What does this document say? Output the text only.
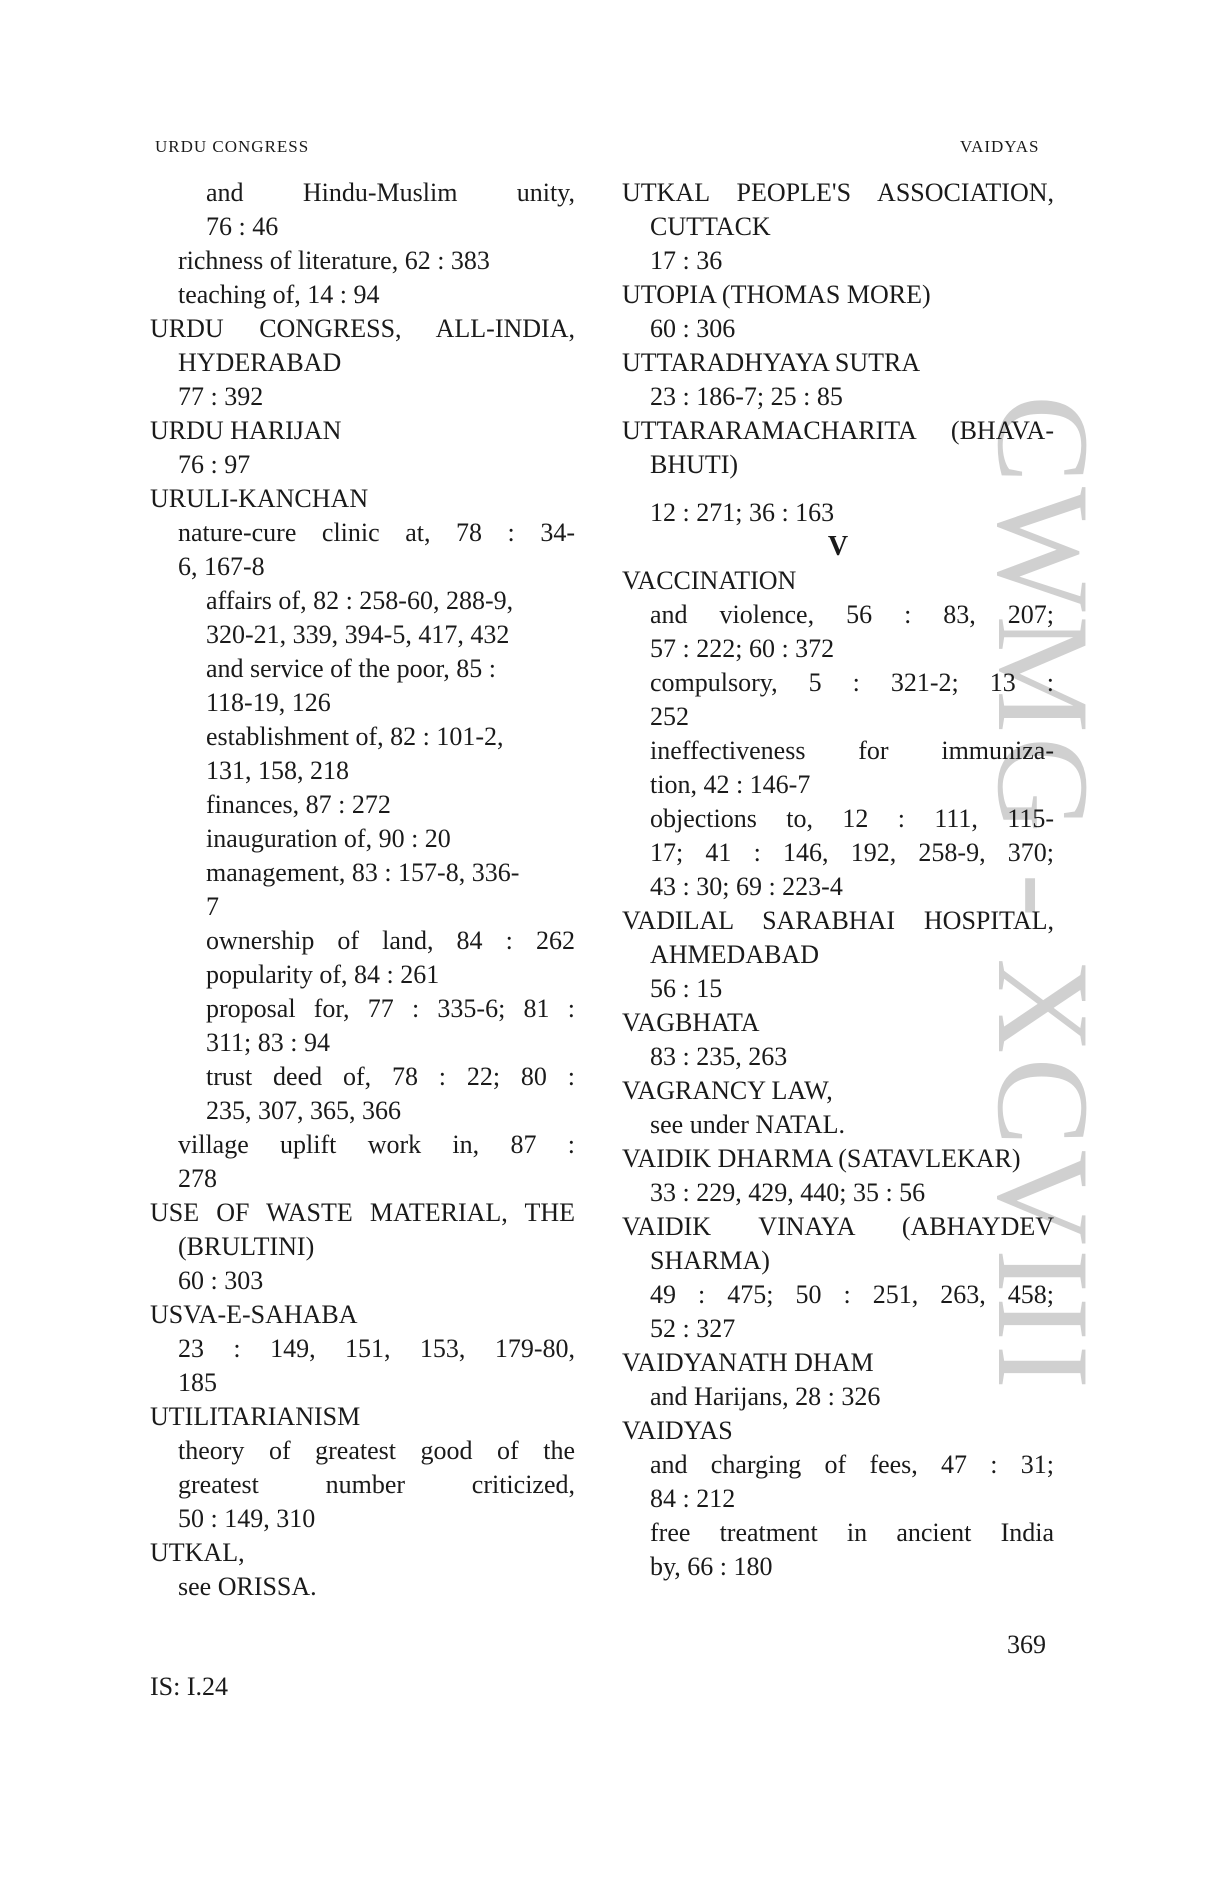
URDU CONGRESS	VAIDYAS
CWMG - XCVIII
and Hindu-Muslim unity,
76 : 46
richness of literature, 62 : 383
teaching of, 14 : 94
URDU CONGRESS, ALL-INDIA,
HYDERABAD
77 : 392
URDU HARIJAN
76 : 97
URULI-KANCHAN
nature-cure clinic at, 78 : 34-
6, 167-8
affairs of, 82 : 258-60, 288-9,
320-21, 339, 394-5, 417, 432
and service of the poor, 85 :
118-19, 126
establishment of, 82 : 101-2,
131, 158, 218
finances, 87 : 272
inauguration of, 90 : 20
management, 83 : 157-8, 336-
7
ownership of land, 84 : 262
popularity of, 84 : 261
proposal for, 77 : 335-6; 81 :
311; 83 : 94
trust deed of, 78 : 22; 80 :
235, 307, 365, 366
village uplift work in, 87 :
278
USE OF WASTE MATERIAL, THE
(BRULTINI)
60 : 303
USVA-E-SAHABA
23 : 149, 151, 153, 179-80,
185
UTILITARIANISM
theory of greatest good of the
greatest number criticized,
50 : 149, 310
UTKAL,
see ORISSA.
UTKAL PEOPLE'S ASSOCIATION,
CUTTACK
17 : 36
UTOPIA (THOMAS MORE)
60 : 306
UTTARADHYAYA SUTRA
23 : 186-7; 25 : 85
UTTARARAMACHARITA (BHAVA-
BHUTI)
12 : 271; 36 : 163
V
VACCINATION
and violence, 56 : 83, 207;
57 : 222; 60 : 372
compulsory, 5 : 321-2; 13 :
252
ineffectiveness for immuniza-
tion, 42 : 146-7
objections to, 12 : 111, 115-
17; 41 : 146, 192, 258-9, 370;
43 : 30; 69 : 223-4
VADILAL SARABHAI HOSPITAL,
AHMEDABAD
56 : 15
VAGBHATA
83 : 235, 263
VAGRANCY LAW,
see under NATAL.
VAIDIK DHARMA (SATAVLEKAR)
33 : 229, 429, 440; 35 : 56
VAIDIK VINAYA (ABHAYDEV
SHARMA)
49 : 475; 50 : 251, 263, 458;
52 : 327
VAIDYANATH DHAM
and Harijans, 28 : 326
VAIDYAS
and charging of fees, 47 : 31;
84 : 212
free treatment in ancient India
by, 66 : 180
369
IS: I.24
